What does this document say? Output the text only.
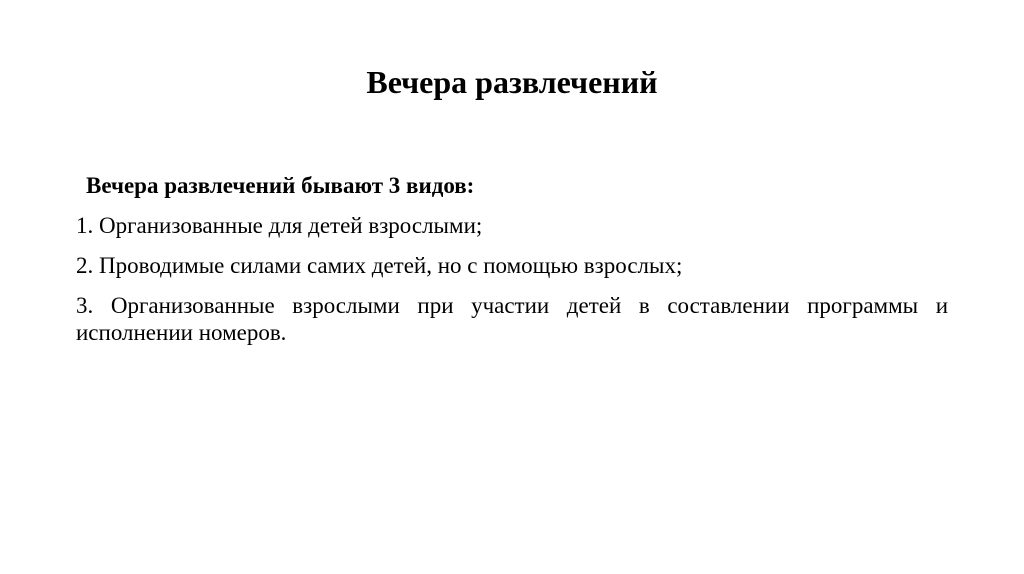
Вечера развлечений

Вечера развлечений бывают 3 видов:

1. Организованные для детей взрослыми;

2. Проводимые силами самих детей, но с помощью взрослых;

3. Организованные взрослыми при участии детей в составлении программы и исполнении номеров.
